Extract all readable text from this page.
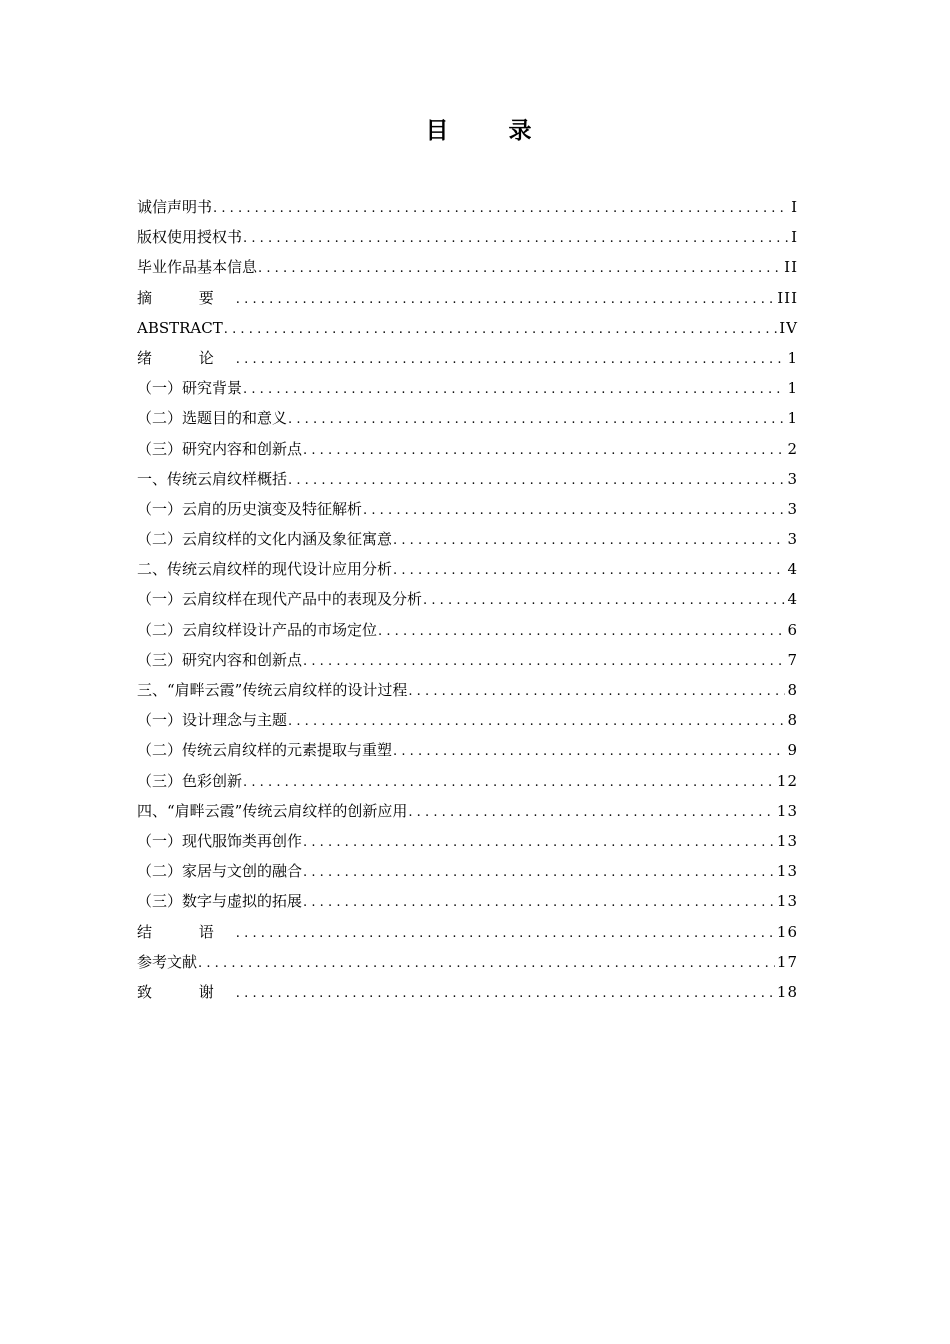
目 录
诚信声明书 .....	I
版权使用授权书 .....	I
毕业作品基本信息 .....	II
摘 要 .....	III
ABSTRACT .....	IV
绪 论 .....	1
（一）研究背景 .....	1
（二）选题目的和意义 .....	1
（三）研究内容和创新点 .....	2
一、传统云肩纹样概括 .....	3
（一）云肩的历史演变及特征解析 .....	3
（二）云肩纹样的文化内涵及象征寓意 .....	3
二、传统云肩纹样的现代设计应用分析 .....	4
（一）云肩纹样在现代产品中的表现及分析 .....	4
（二）云肩纹样设计产品的市场定位 .....	6
（三）研究内容和创新点 .....	7
三、“肩畔云霞”传统云肩纹样的设计过程 .....	8
（一）设计理念与主题 .....	8
（二）传统云肩纹样的元素提取与重塑 .....	9
（三）色彩创新 .....	12
四、“肩畔云霞”传统云肩纹样的创新应用 .....	13
（一）现代服饰类再创作 .....	13
（二）家居与文创的融合 .....	13
（三）数字与虚拟的拓展 .....	13
结 语 .....	16
参考文献 .....	17
致 谢 .....	18
